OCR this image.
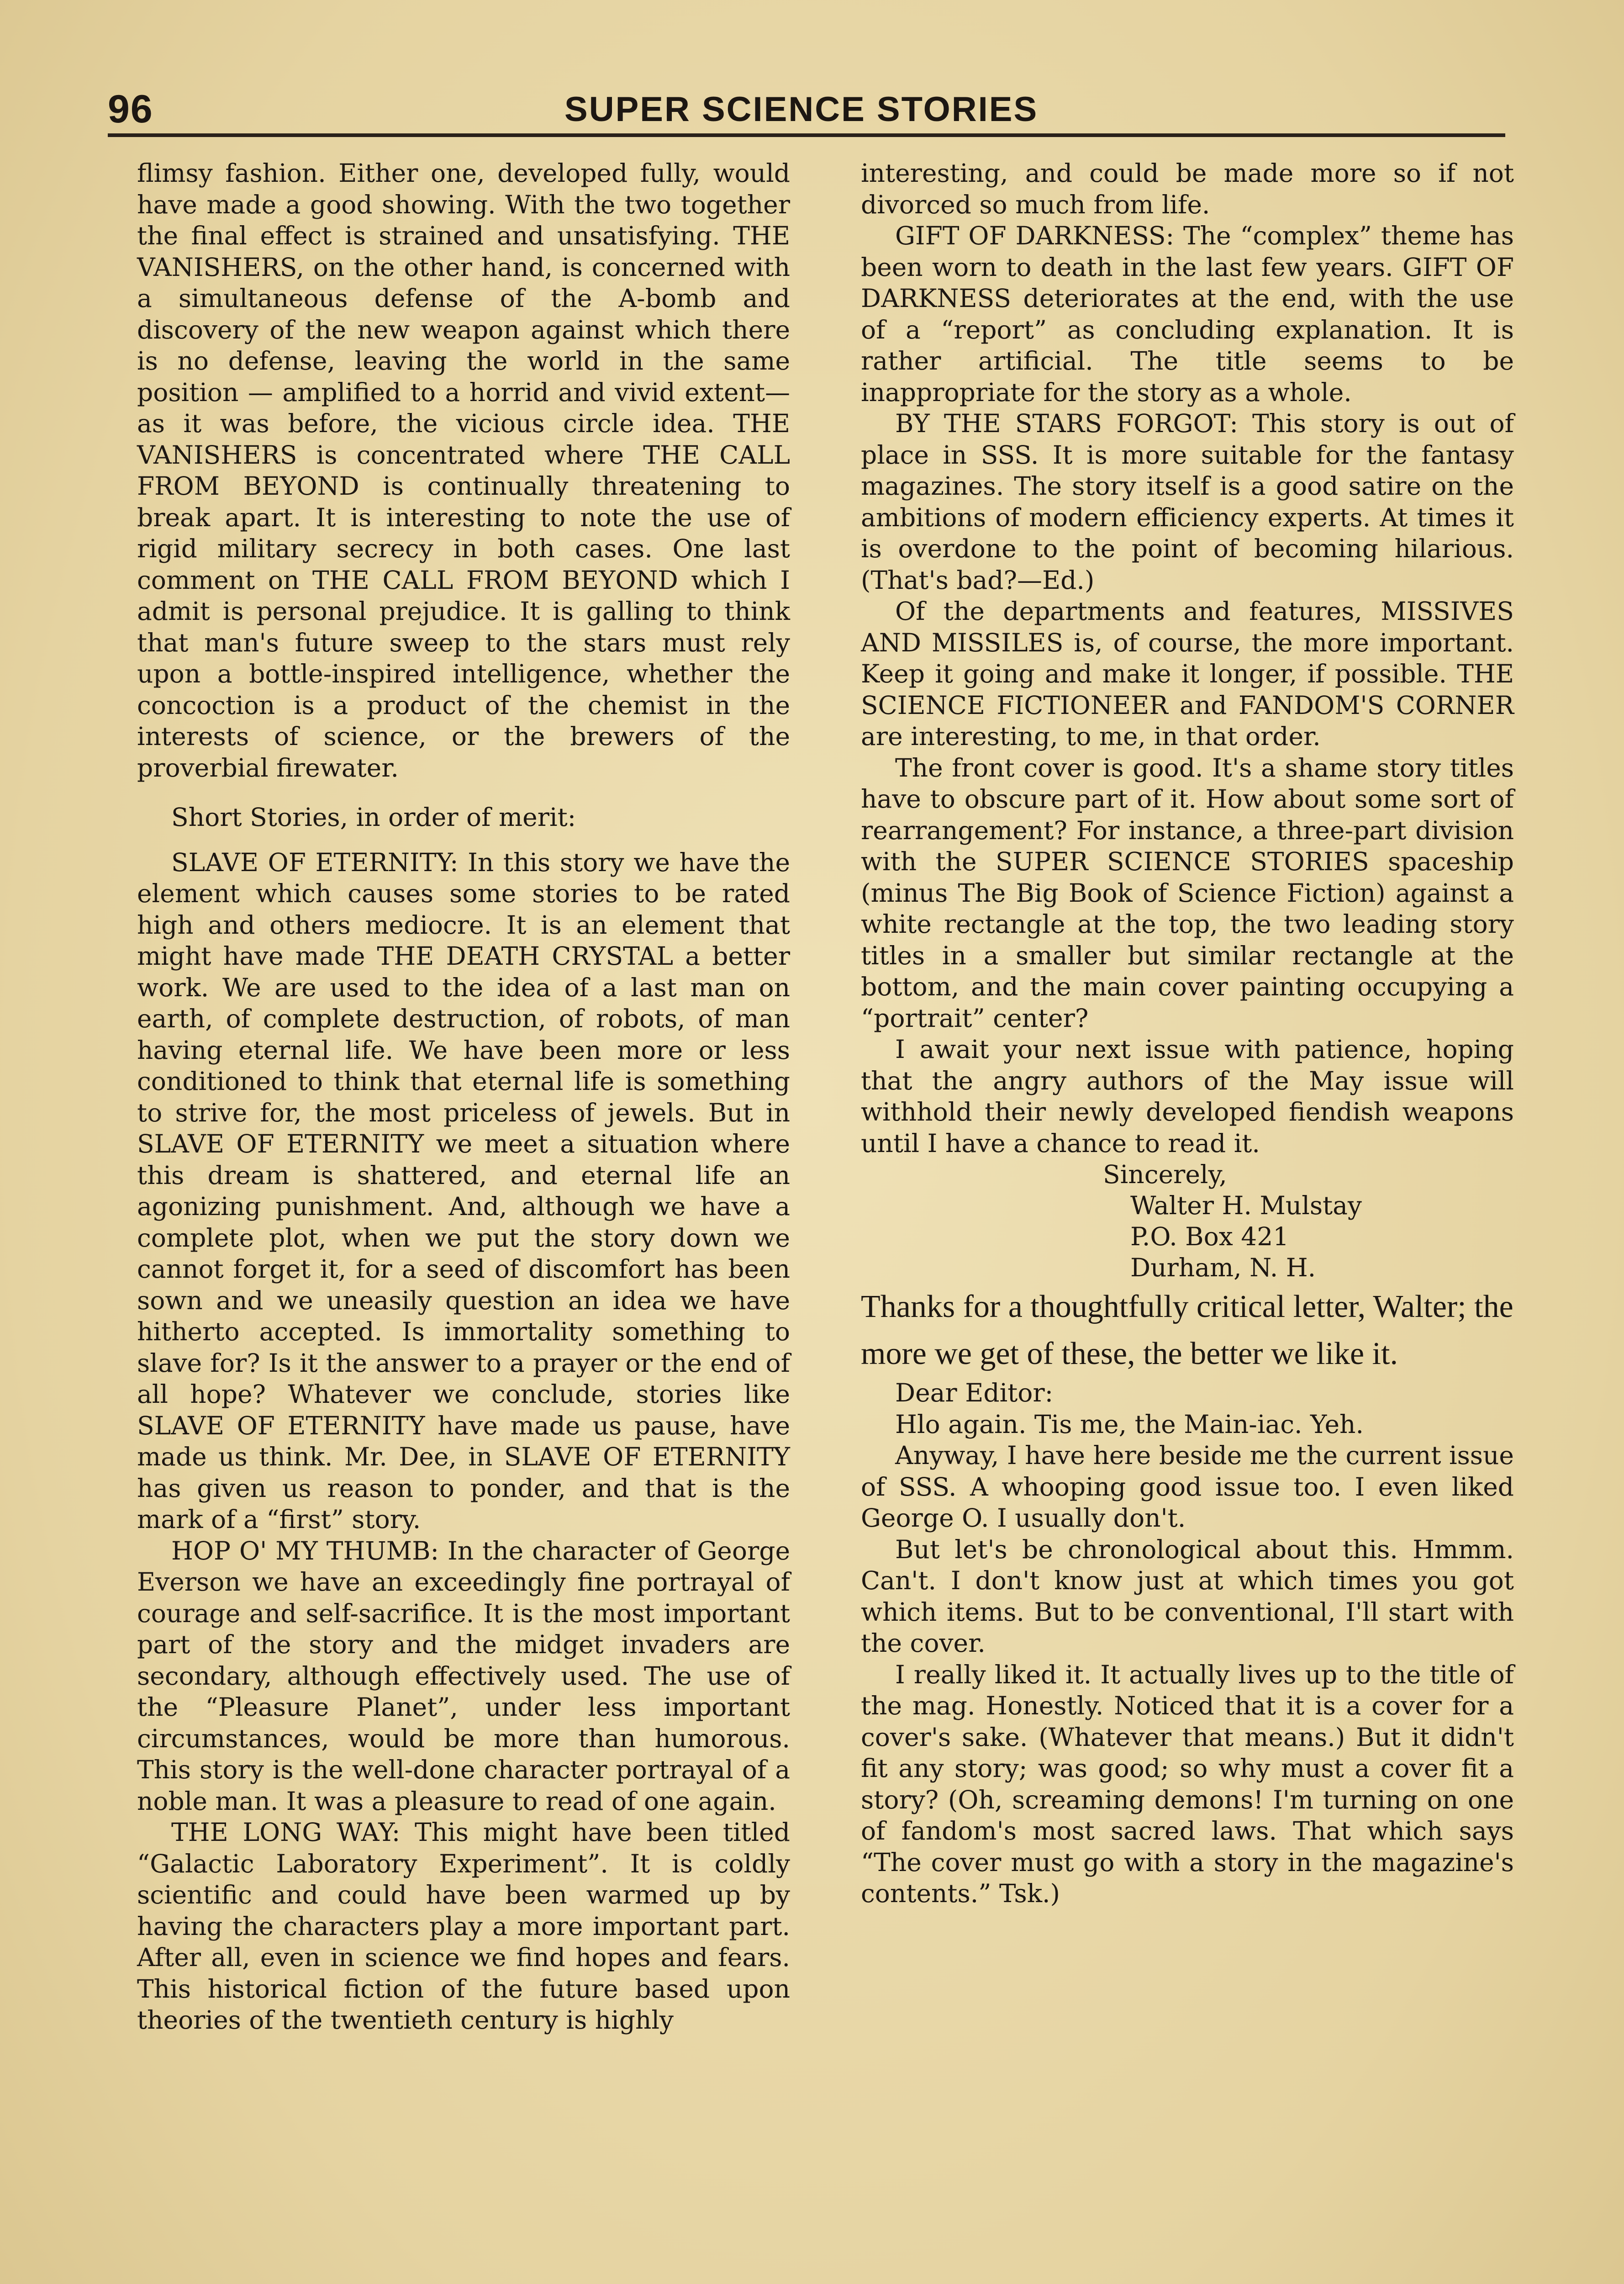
96	SUPER SCIENCE STORIES

flimsy fashion. Either one, developed fully, would have made a good showing. With the two together the final effect is strained and unsatisfying. THE VANISHERS, on the other hand, is concerned with a simultaneous defense of the A-bomb and discovery of the new weapon against which there is no defense, leaving the world in the same position — amplified to a horrid and vivid extent—as it was before, the vicious circle idea. THE VANISHERS is concentrated where THE CALL FROM BEYOND is continually threatening to break apart. It is interesting to note the use of rigid military secrecy in both cases. One last comment on THE CALL FROM BEYOND which I admit is personal prejudice. It is galling to think that man's future sweep to the stars must rely upon a bottle-inspired intelligence, whether the concoction is a product of the chemist in the interests of science, or the brewers of the proverbial firewater.

Short Stories, in order of merit:

SLAVE OF ETERNITY: In this story we have the element which causes some stories to be rated high and others mediocre. It is an element that might have made THE DEATH CRYSTAL a better work. We are used to the idea of a last man on earth, of complete destruction, of robots, of man having eternal life. We have been more or less conditioned to think that eternal life is something to strive for, the most priceless of jewels. But in SLAVE OF ETERNITY we meet a situation where this dream is shattered, and eternal life an agonizing punishment. And, although we have a complete plot, when we put the story down we cannot forget it, for a seed of discomfort has been sown and we uneasily question an idea we have hitherto accepted. Is immortality something to slave for? Is it the answer to a prayer or the end of all hope? Whatever we conclude, stories like SLAVE OF ETERNITY have made us pause, have made us think. Mr. Dee, in SLAVE OF ETERNITY has given us reason to ponder, and that is the mark of a “first” story.

HOP O' MY THUMB: In the character of George Everson we have an exceedingly fine portrayal of courage and self-sacrifice. It is the most important part of the story and the midget invaders are secondary, although effectively used. The use of the “Pleasure Planet”, under less important circumstances, would be more than humorous. This story is the well-done character portrayal of a noble man. It was a pleasure to read of one again.

THE LONG WAY: This might have been titled “Galactic Laboratory Experiment”. It is coldly scientific and could have been warmed up by having the characters play a more important part. After all, even in science we find hopes and fears. This historical fiction of the future based upon theories of the twentieth century is highly

interesting, and could be made more so if not divorced so much from life.

GIFT OF DARKNESS: The “complex” theme has been worn to death in the last few years. GIFT OF DARKNESS deteriorates at the end, with the use of a “report” as concluding explanation. It is rather artificial. The title seems to be inappropriate for the story as a whole.

BY THE STARS FORGOT: This story is out of place in SSS. It is more suitable for the fantasy magazines. The story itself is a good satire on the ambitions of modern efficiency experts. At times it is overdone to the point of becoming hilarious. (That's bad?—Ed.)

Of the departments and features, MISSIVES AND MISSILES is, of course, the more important. Keep it going and make it longer, if possible. THE SCIENCE FICTIONEER and FANDOM'S CORNER are interesting, to me, in that order.

The front cover is good. It's a shame story titles have to obscure part of it. How about some sort of rearrangement? For instance, a three-part division with the SUPER SCIENCE STORIES spaceship (minus The Big Book of Science Fiction) against a white rectangle at the top, the two leading story titles in a smaller but similar rectangle at the bottom, and the main cover painting occupying a “portrait” center?

I await your next issue with patience, hoping that the angry authors of the May issue will withhold their newly developed fiendish weapons until I have a chance to read it.

Sincerely,
Walter H. Mulstay
P.O. Box 421
Durham, N. H.

Thanks for a thoughtfully critical letter, Walter; the more we get of these, the better we like it.

Dear Editor:

Hlo again. Tis me, the Main-iac. Yeh.

Anyway, I have here beside me the current issue of SSS. A whooping good issue too. I even liked George O. I usually don't.

But let's be chronological about this. Hmmm. Can't. I don't know just at which times you got which items. But to be conventional, I'll start with the cover.

I really liked it. It actually lives up to the title of the mag. Honestly. Noticed that it is a cover for a cover's sake. (Whatever that means.) But it didn't fit any story; was good; so why must a cover fit a story? (Oh, screaming demons! I'm turning on one of fandom's most sacred laws. That which says “The cover must go with a story in the magazine's contents.” Tsk.)
